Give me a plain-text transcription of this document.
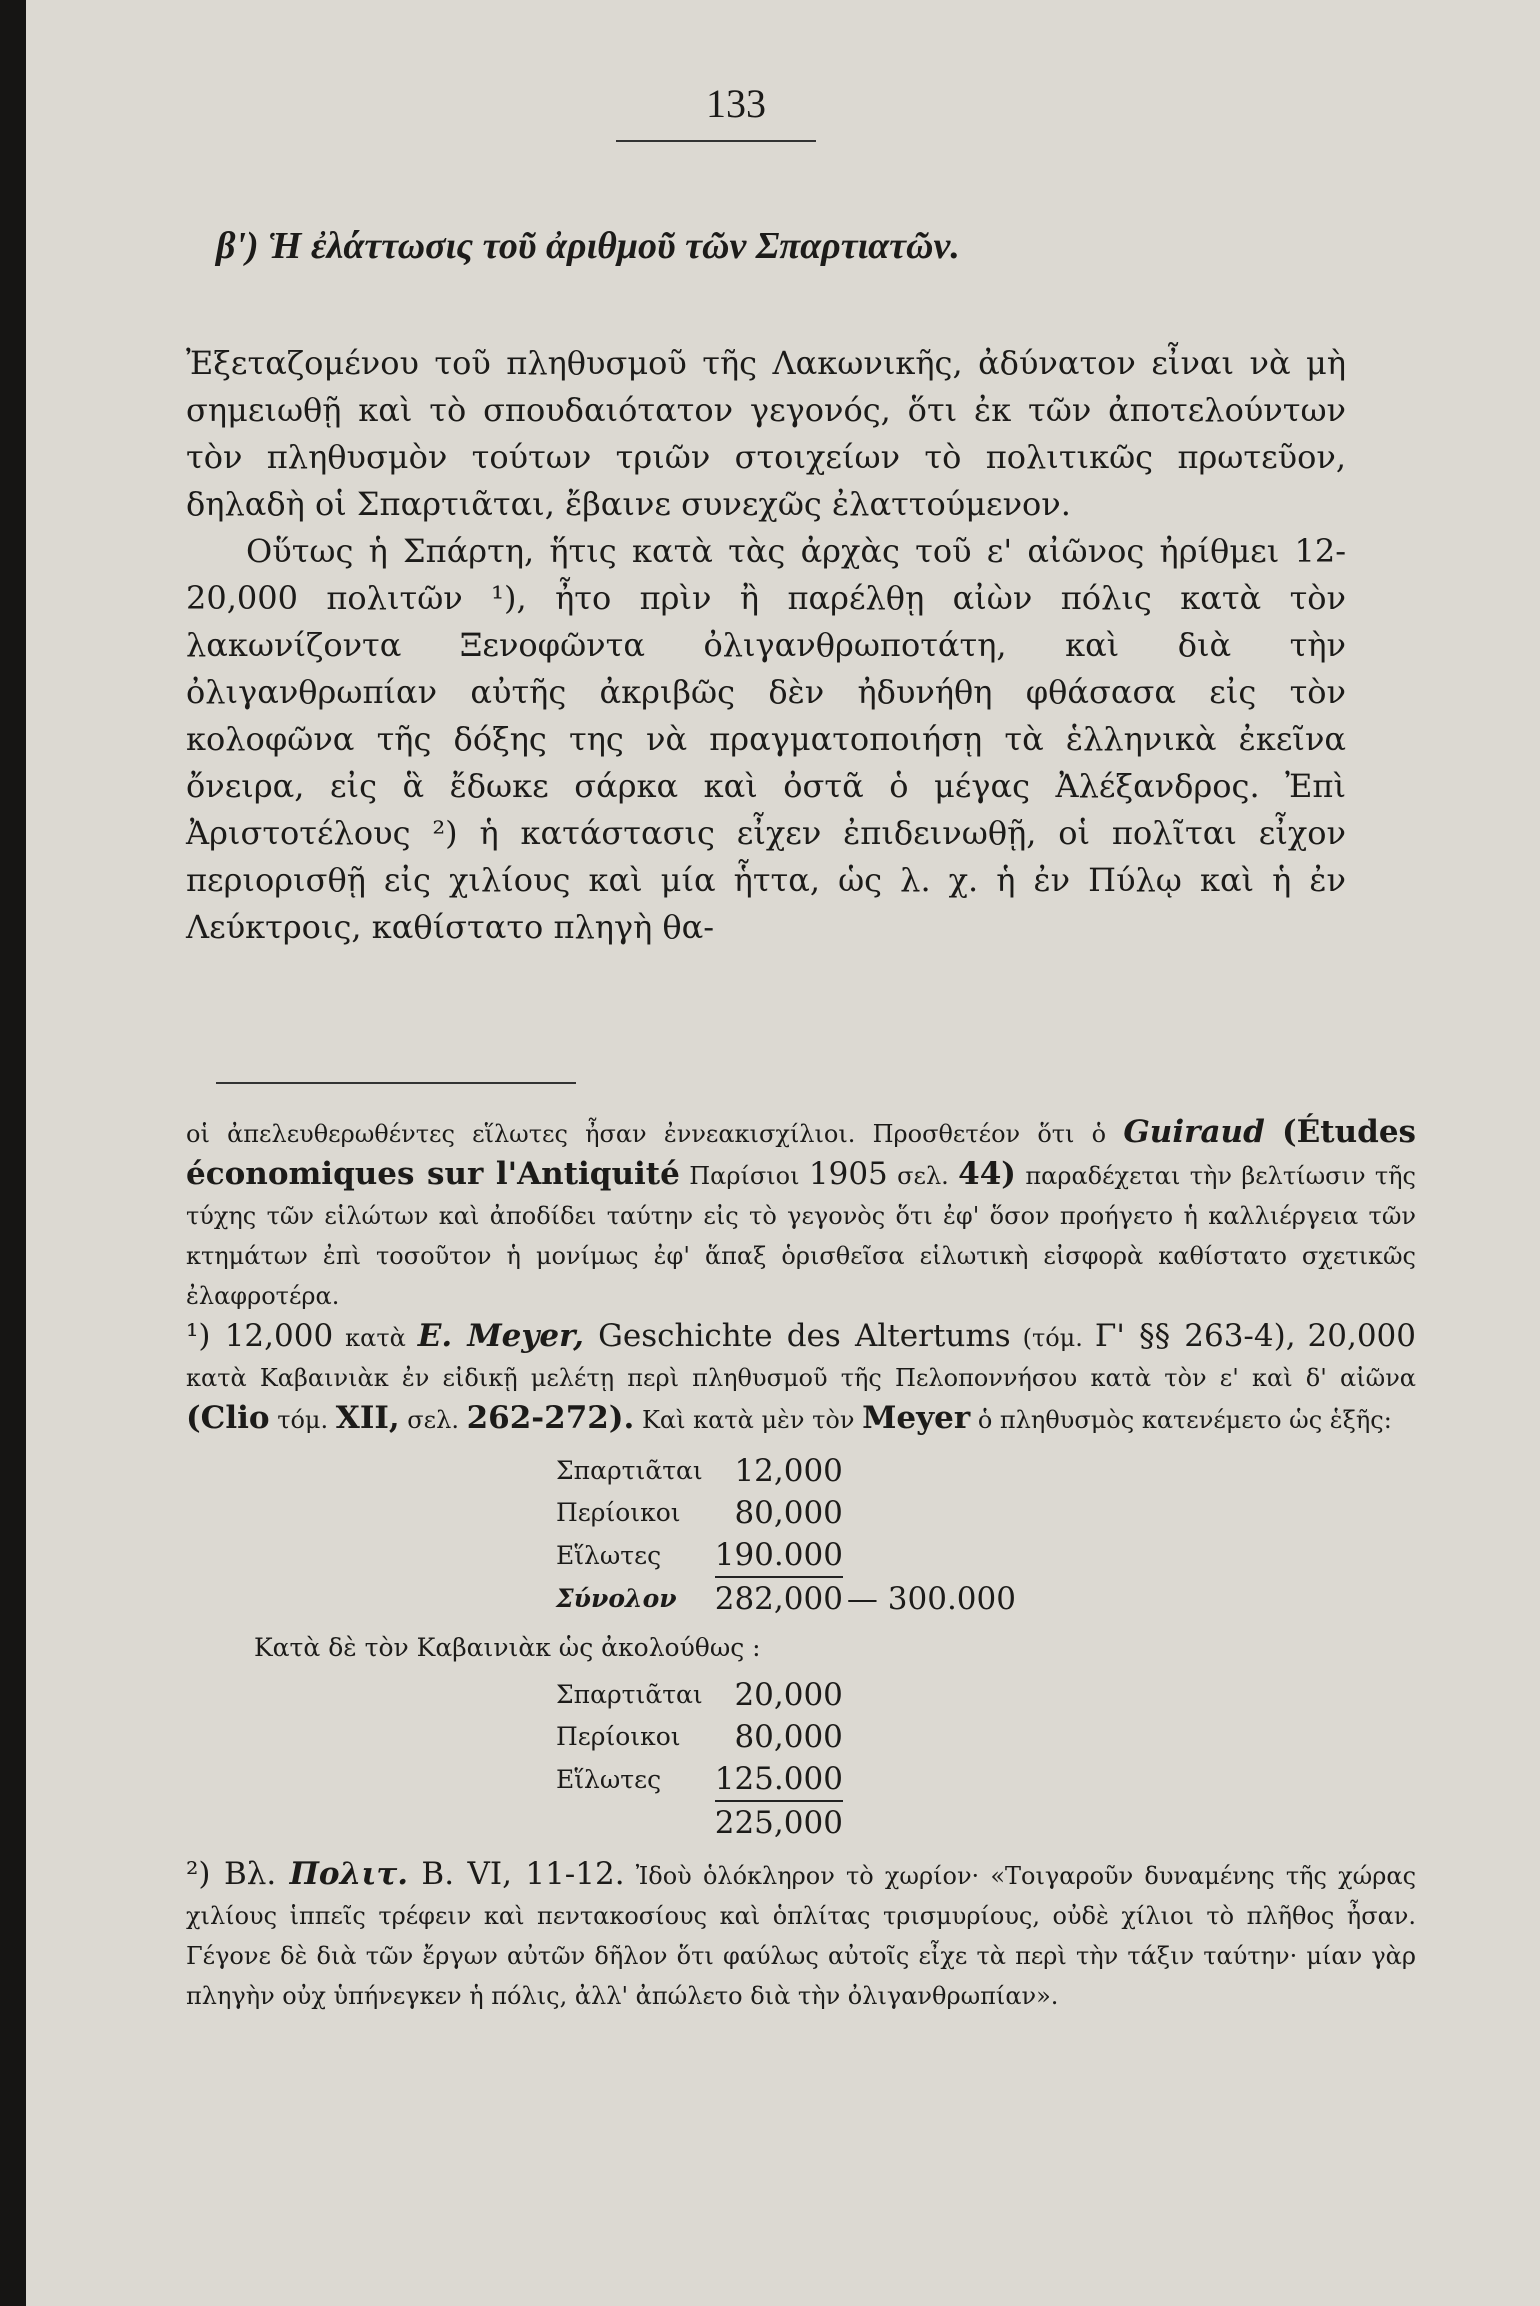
133
β') Ἡ ἐλάττωσις τοῦ ἀριθμοῦ τῶν Σπαρτιατῶν.

Ἐξεταζομένου τοῦ πληθυσμοῦ τῆς Λακωνικῆς, ἀδύνατον εἶναι νὰ μὴ σημειωθῇ καὶ τὸ σπουδαιότατον γεγονός, ὅτι ἐκ τῶν ἀποτελούντων τὸν πληθυσμὸν τούτων τριῶν στοιχείων τὸ πολιτικῶς πρωτεῦον, δηλαδὴ οἱ Σπαρτιᾶται, ἔβαινε συνεχῶς ἐλαττούμενον.

Οὕτως ἡ Σπάρτη, ἥτις κατὰ τὰς ἀρχὰς τοῦ ε' αἰῶνος ἠρίθμει 12-20,000 πολιτῶν ¹), ἦτο πρὶν ἢ παρέλθῃ αἰὼν πόλις κατὰ τὸν λακωνίζοντα Ξενοφῶντα ὀλιγανθρωποτάτη, καὶ διὰ τὴν ὀλιγανθρωπίαν αὐτῆς ἀκριβῶς δὲν ἠδυνήθη φθάσασα εἰς τὸν κολοφῶνα τῆς δόξης της νὰ πραγματοποιήσῃ τὰ ἑλληνικὰ ἐκεῖνα ὄνειρα, εἰς ἃ ἔδωκε σάρκα καὶ ὀστᾶ ὁ μέγας Ἀλέξανδρος. Ἐπὶ Ἀριστοτέλους ²) ἡ κατάστασις εἶχεν ἐπιδεινωθῇ, οἱ πολῖται εἶχον περιορισθῇ εἰς χιλίους καὶ μία ἧττα, ὡς λ. χ. ἡ ἐν Πύλῳ καὶ ἡ ἐν Λεύκτροις, καθίστατο πληγὴ θα-

οἱ ἀπελευθερωθέντες εἵλωτες ἦσαν ἐννεακισχίλιοι. Προσθετέον ὅτι ὁ Guiraud (Études économiques sur l'Antiquité Παρίσιοι 1905 σελ. 44) παραδέχεται τὴν βελτίωσιν τῆς τύχης τῶν εἱλώτων καὶ ἀποδίδει ταύτην εἰς τὸ γεγονὸς ὅτι ἐφ' ὅσον προήγετο ἡ καλλιέργεια τῶν κτημάτων ἐπὶ τοσοῦτον ἡ μονίμως ἐφ' ἅπαξ ὁρισθεῖσα εἱλωτικὴ εἰσφορὰ καθίστατο σχετικῶς ἐλαφροτέρα.

¹) 12,000 κατὰ E. Meyer, Geschichte des Altertums (τόμ. Γ' §§ 263-4), 20,000 κατὰ Καβαινιὰκ ἐν εἰδικῇ μελέτῃ περὶ πληθυσμοῦ τῆς Πελοποννήσου κατὰ τὸν ε' καὶ δ' αἰῶνα (Clio τόμ. XII, σελ. 262-272). Καὶ κατὰ μὲν τὸν Meyer ὁ πληθυσμὸς κατενέμετο ὡς ἑξῆς:

Σπαρτιᾶται	12,000	
Περίοικοι	80,000	
Εἵλωτες	190.000	
Σύνολον	282,000	— 300.000

Κατὰ δὲ τὸν Καβαινιὰκ ὡς ἀκολούθως :

Σπαρτιᾶται	20,000
Περίοικοι	80,000
Εἵλωτες	125.000
	225,000

²) Βλ. Πολιτ. Β. VI, 11-12. Ἰδοὺ ὁλόκληρον τὸ χωρίον· «Τοιγαροῦν δυναμένης τῆς χώρας χιλίους ἱππεῖς τρέφειν καὶ πεντακοσίους καὶ ὁπλίτας τρισμυρίους, οὐδὲ χίλιοι τὸ πλῆθος ἦσαν. Γέγονε δὲ διὰ τῶν ἔργων αὐτῶν δῆλον ὅτι φαύλως αὐτοῖς εἶχε τὰ περὶ τὴν τάξιν ταύτην· μίαν γὰρ πληγὴν οὐχ ὑπήνεγκεν ἡ πόλις, ἀλλ' ἀπώλετο διὰ τὴν ὀλιγανθρωπίαν».
